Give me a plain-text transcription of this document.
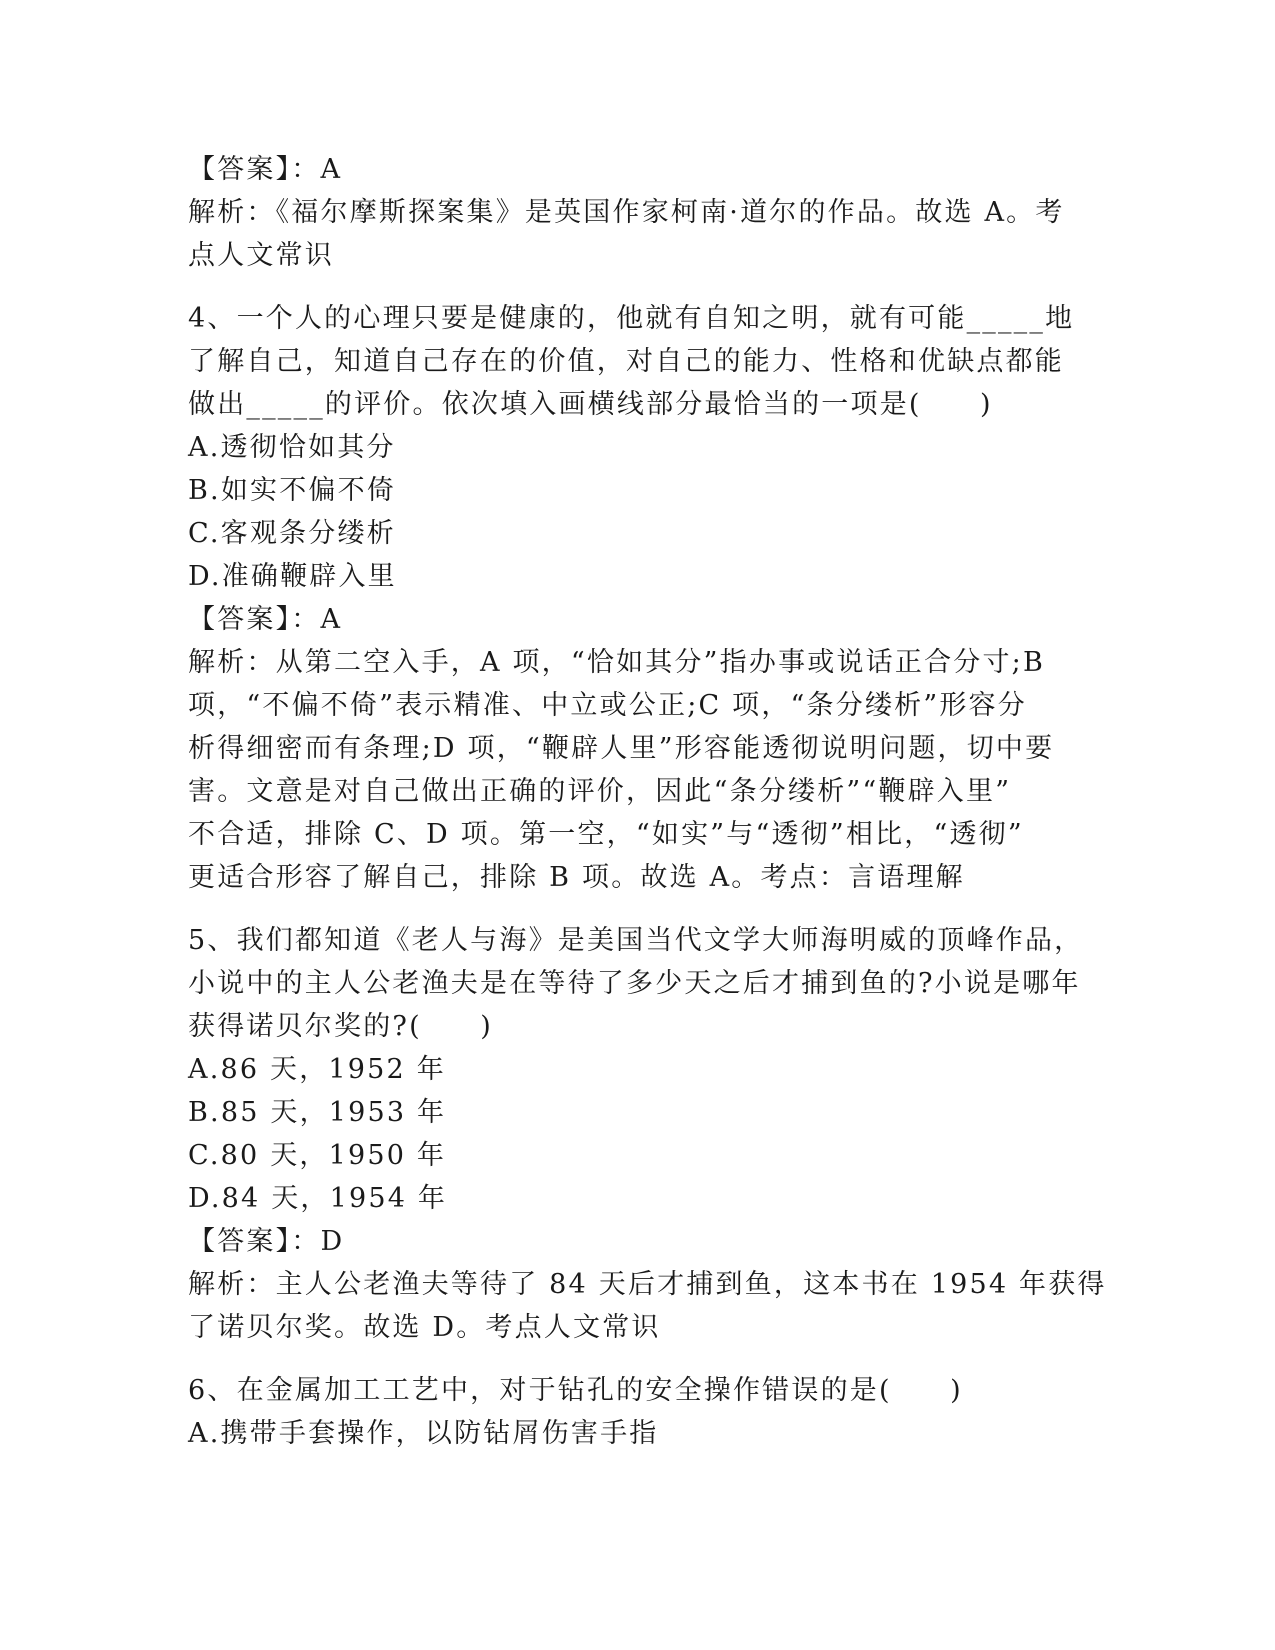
【答案】：A

解析：《福尔摩斯探案集》是英国作家柯南·道尔的作品。故选 A。考

点人文常识

4、一个人的心理只要是健康的，他就有自知之明，就有可能_____地

了解自己，知道自己存在的价值，对自己的能力、性格和优缺点都能

做出_____的评价。依次填入画横线部分最恰当的一项是(　　)

A.透彻恰如其分

B.如实不偏不倚

C.客观条分缕析

D.准确鞭辟入里

【答案】：A

解析：从第二空入手，A 项，“恰如其分”指办事或说话正合分寸;B

项，“不偏不倚”表示精准、中立或公正;C 项，“条分缕析”形容分

析得细密而有条理;D 项，“鞭辟人里”形容能透彻说明问题，切中要

害。文意是对自己做出正确的评价，因此“条分缕析”“鞭辟入里”

不合适，排除 C、D 项。第一空，“如实”与“透彻”相比，“透彻”

更适合形容了解自己，排除 B 项。故选 A。考点：言语理解

5、我们都知道《老人与海》是美国当代文学大师海明威的顶峰作品，

小说中的主人公老渔夫是在等待了多少天之后才捕到鱼的?小说是哪年

获得诺贝尔奖的?(　　)

A.86 天，1952 年

B.85 天，1953 年

C.80 天，1950 年

D.84 天，1954 年

【答案】：D

解析：主人公老渔夫等待了 84 天后才捕到鱼，这本书在 1954 年获得

了诺贝尔奖。故选 D。考点人文常识

6、在金属加工工艺中，对于钻孔的安全操作错误的是(　　)

A.携带手套操作，以防钻屑伤害手指
